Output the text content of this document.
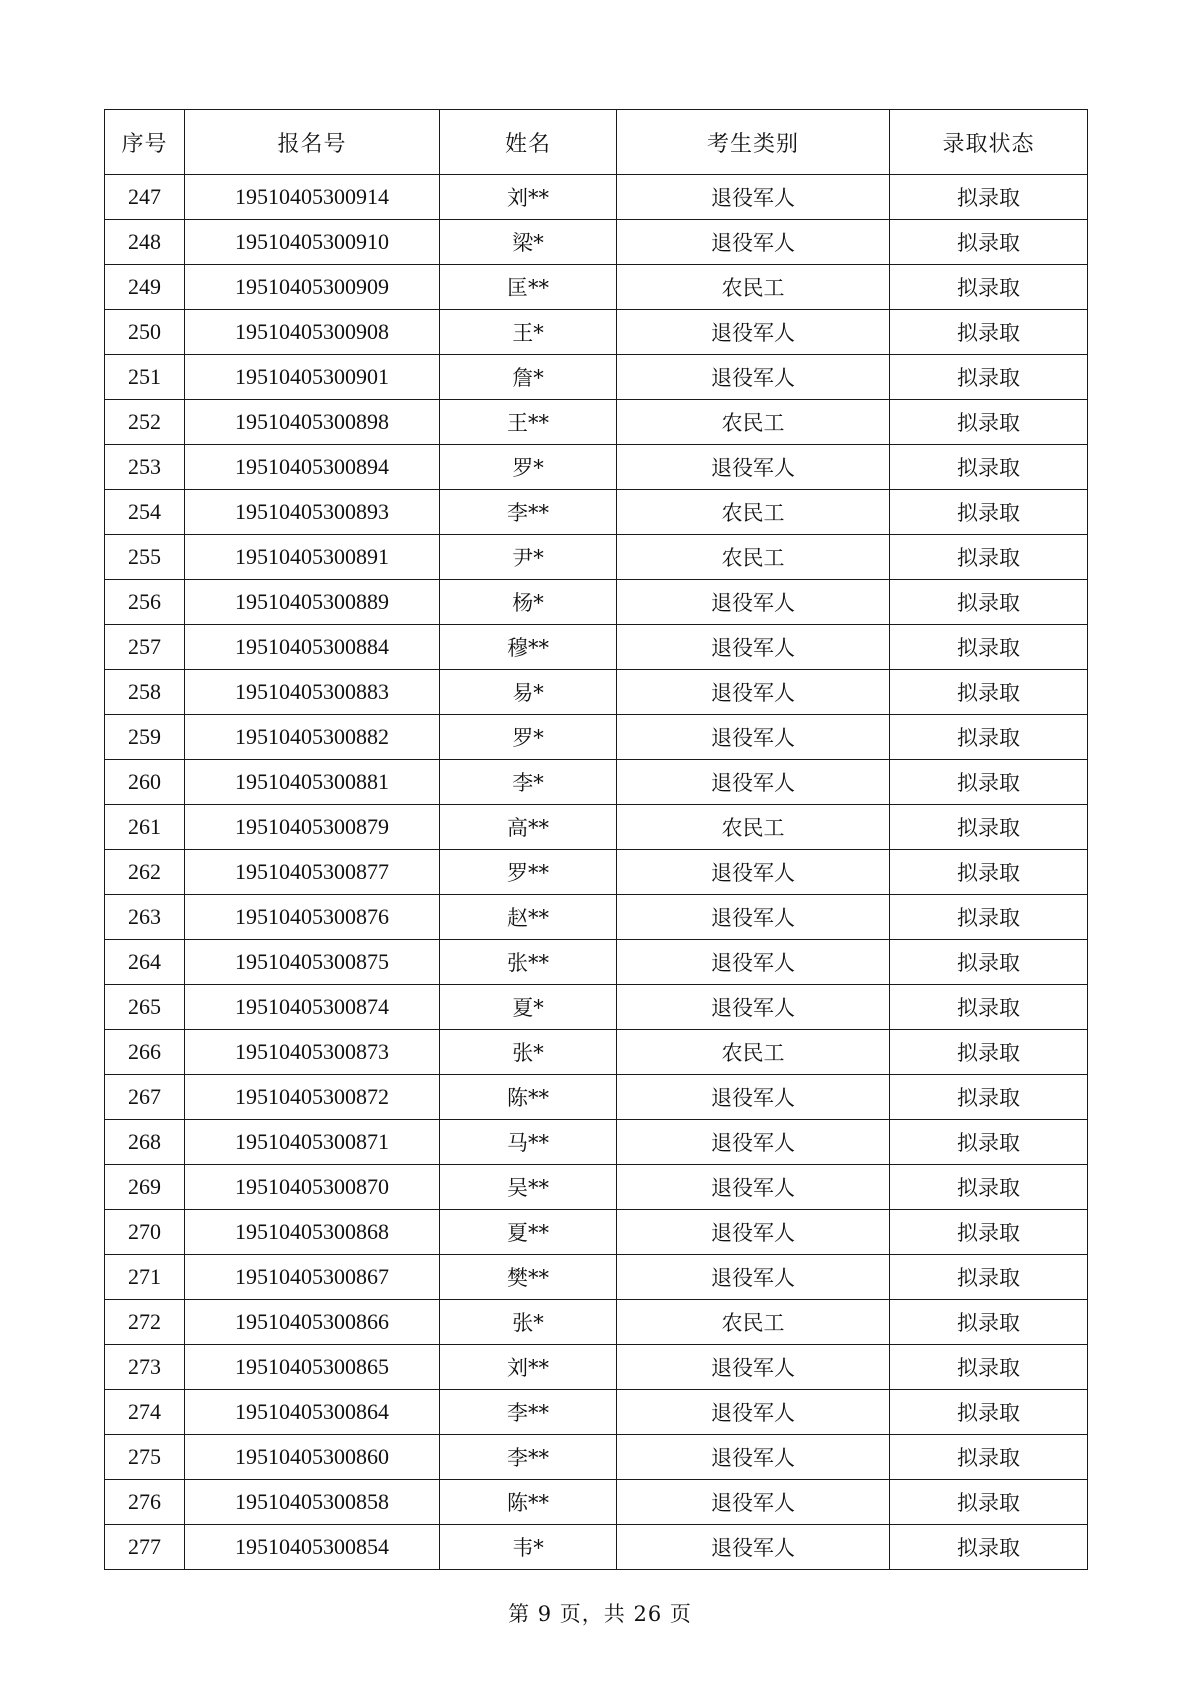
序号	报名号	姓名	考生类别	录取状态
247	19510405300914	刘**	退役军人	拟录取
248	19510405300910	梁*	退役军人	拟录取
249	19510405300909	匡**	农民工	拟录取
250	19510405300908	王*	退役军人	拟录取
251	19510405300901	詹*	退役军人	拟录取
252	19510405300898	王**	农民工	拟录取
253	19510405300894	罗*	退役军人	拟录取
254	19510405300893	李**	农民工	拟录取
255	19510405300891	尹*	农民工	拟录取
256	19510405300889	杨*	退役军人	拟录取
257	19510405300884	穆**	退役军人	拟录取
258	19510405300883	易*	退役军人	拟录取
259	19510405300882	罗*	退役军人	拟录取
260	19510405300881	李*	退役军人	拟录取
261	19510405300879	高**	农民工	拟录取
262	19510405300877	罗**	退役军人	拟录取
263	19510405300876	赵**	退役军人	拟录取
264	19510405300875	张**	退役军人	拟录取
265	19510405300874	夏*	退役军人	拟录取
266	19510405300873	张*	农民工	拟录取
267	19510405300872	陈**	退役军人	拟录取
268	19510405300871	马**	退役军人	拟录取
269	19510405300870	吴**	退役军人	拟录取
270	19510405300868	夏**	退役军人	拟录取
271	19510405300867	樊**	退役军人	拟录取
272	19510405300866	张*	农民工	拟录取
273	19510405300865	刘**	退役军人	拟录取
274	19510405300864	李**	退役军人	拟录取
275	19510405300860	李**	退役军人	拟录取
276	19510405300858	陈**	退役军人	拟录取
277	19510405300854	韦*	退役军人	拟录取
第 9 页，共 26 页
